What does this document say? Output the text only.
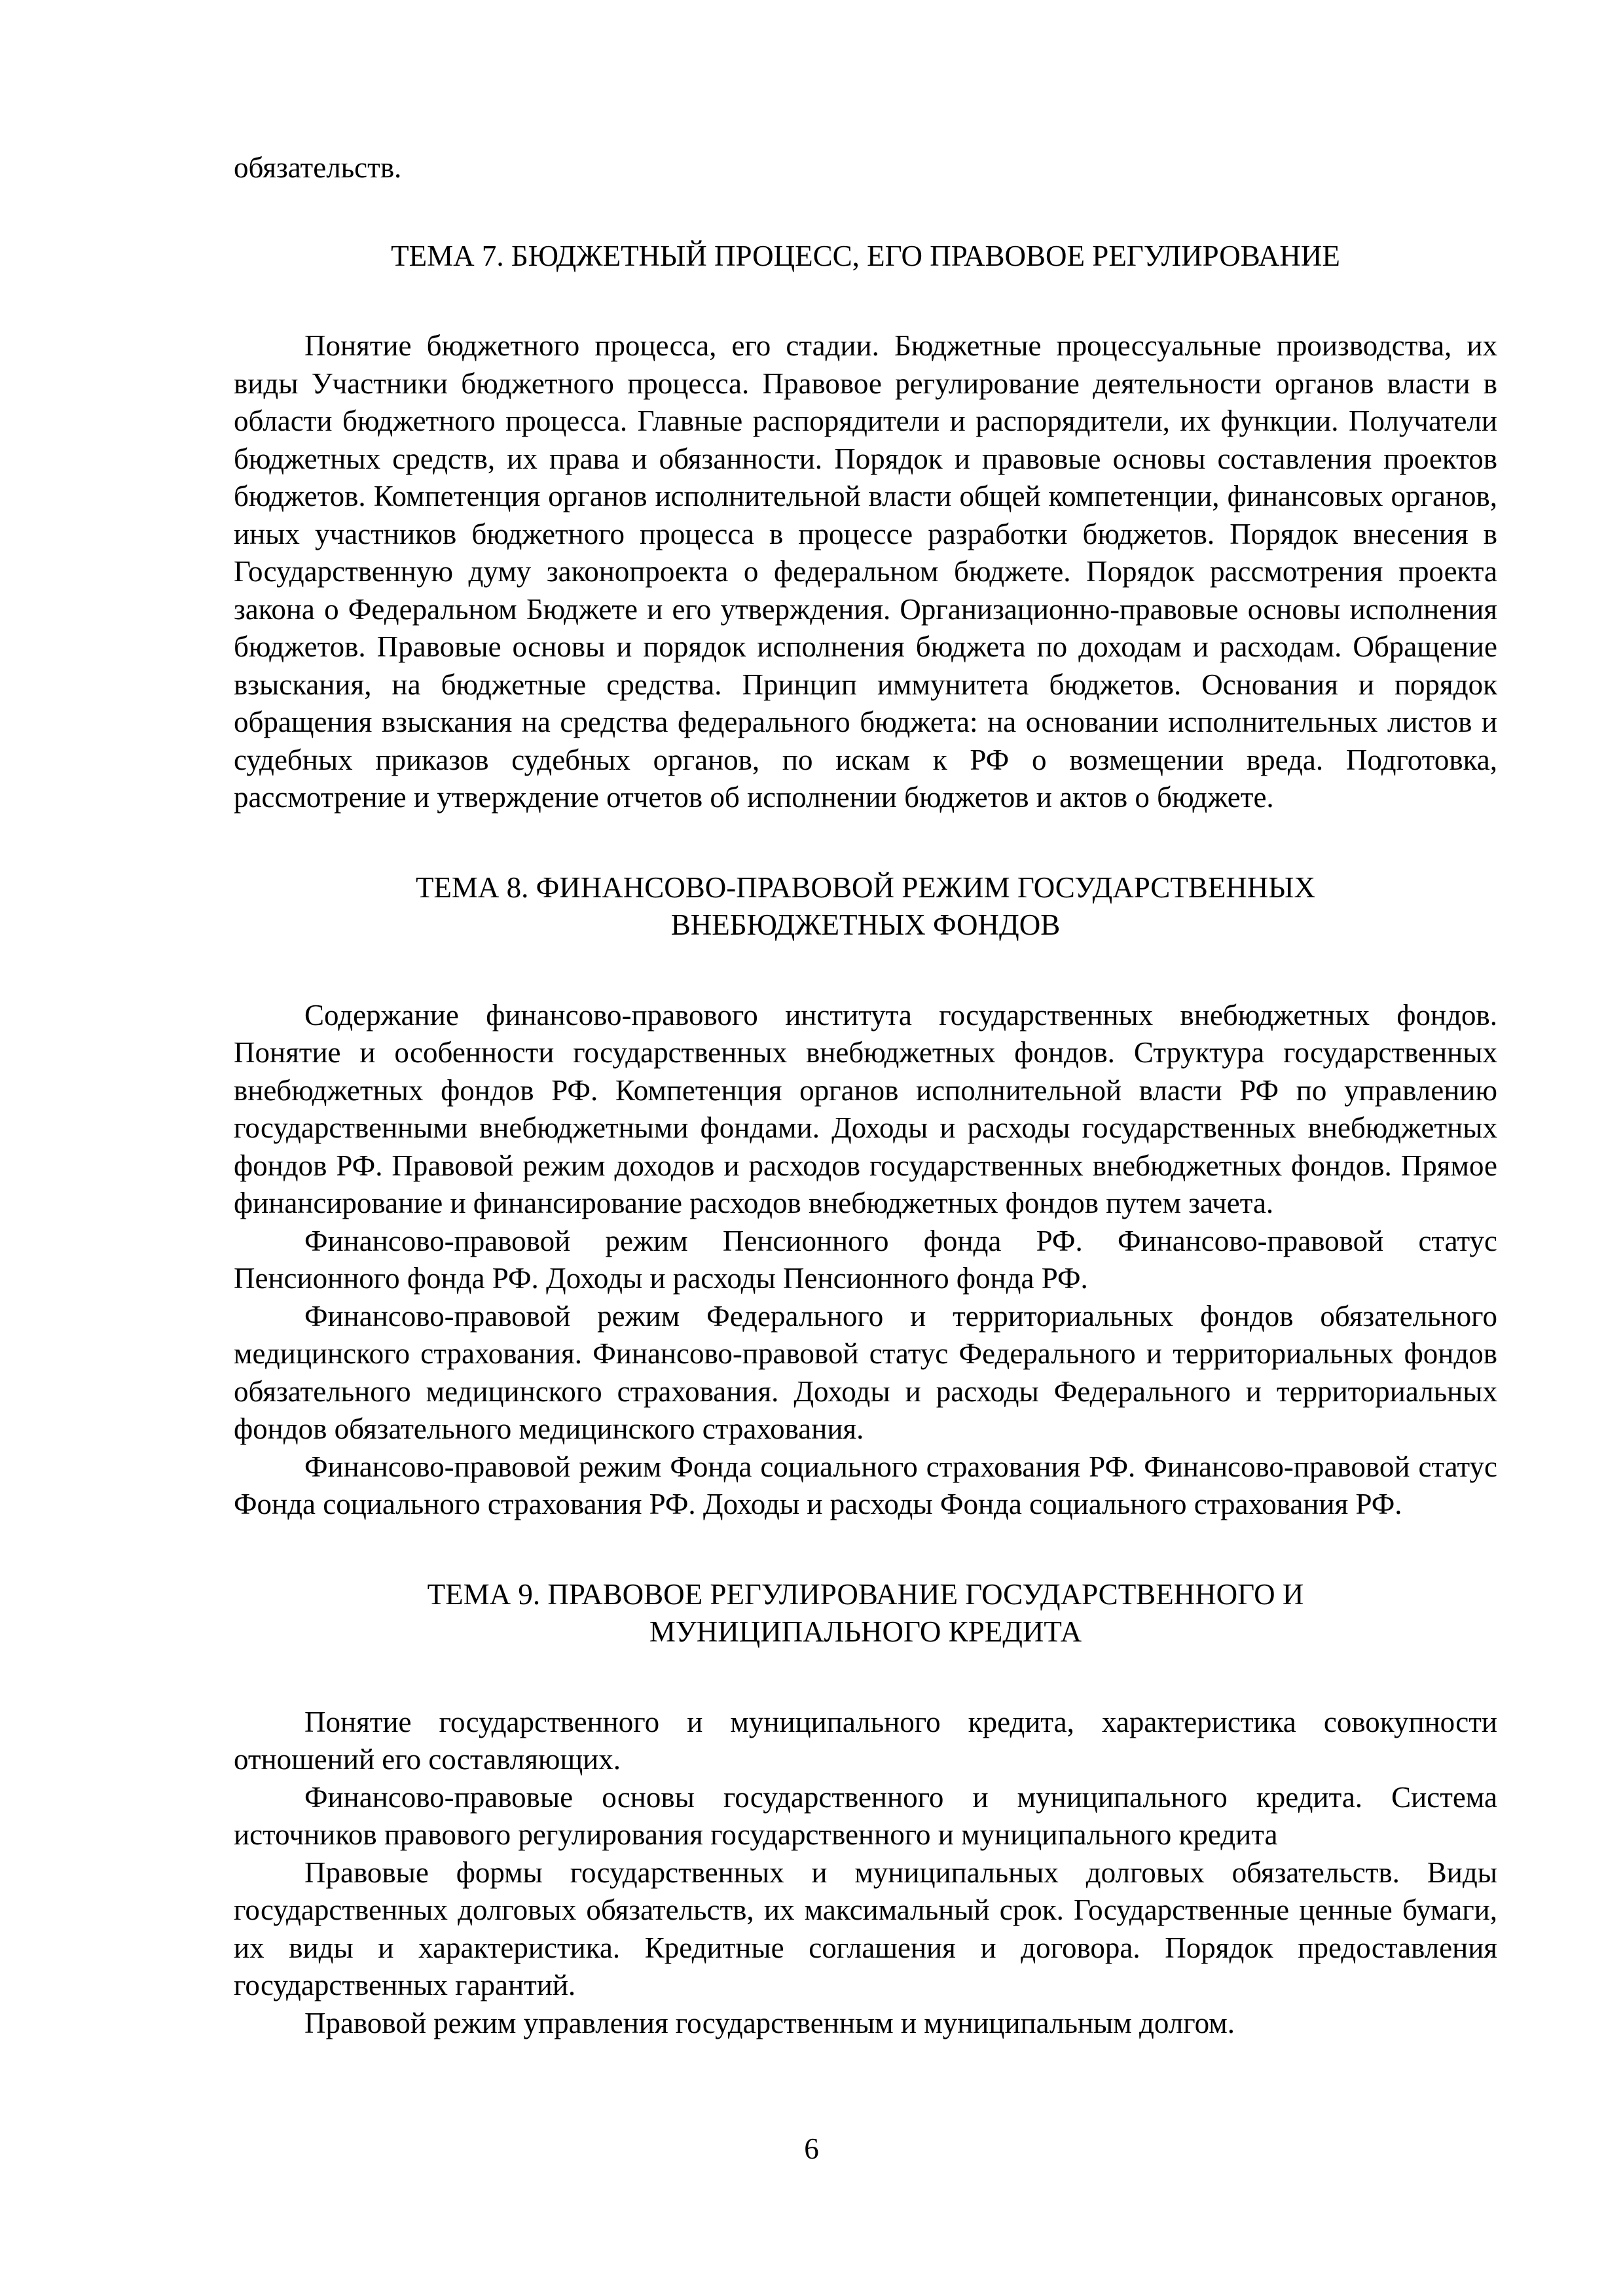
обязательств.

ТЕМА 7. БЮДЖЕТНЫЙ ПРОЦЕСС, ЕГО ПРАВОВОЕ РЕГУЛИРОВАНИЕ

Понятие бюджетного процесса, его стадии. Бюджетные процессуальные производства, их виды Участники бюджетного процесса. Правовое регулирование деятельности органов власти в области бюджетного процесса. Главные распорядители и распорядители, их функции. Получатели бюджетных средств, их права и обязанности. Порядок и правовые основы составления проектов бюджетов. Компетенция органов исполнительной власти общей компетенции, финансовых органов, иных участников бюджетного процесса в процессе разработки бюджетов. Порядок внесения в Государственную думу законопроекта о федеральном бюджете. Порядок рассмотрения проекта закона о Федеральном Бюджете и его утверждения. Организационно-правовые основы исполнения бюджетов. Правовые основы и порядок исполнения бюджета по доходам и расходам. Обращение взыскания, на бюджетные средства. Принцип иммунитета бюджетов. Основания и порядок обращения взыскания на средства федерального бюджета: на основании исполнительных листов и судебных приказов судебных органов, по искам к РФ о возмещении вреда. Подготовка, рассмотрение и утверждение отчетов об исполнении бюджетов и актов о бюджете.

ТЕМА 8. ФИНАНСОВО-ПРАВОВОЙ РЕЖИМ ГОСУДАРСТВЕННЫХ
ВНЕБЮДЖЕТНЫХ ФОНДОВ

Содержание финансово-правового института государственных внебюджетных фондов. Понятие и особенности государственных внебюджетных фондов. Структура государственных внебюджетных фондов РФ. Компетенция органов исполнительной власти РФ по управлению государственными внебюджетными фондами. Доходы и расходы государственных внебюджетных фондов РФ. Правовой режим доходов и расходов государственных внебюджетных фондов. Прямое финансирование и финансирование расходов внебюджетных фондов путем зачета.

Финансово-правовой режим Пенсионного фонда РФ. Финансово-правовой статус Пенсионного фонда РФ. Доходы и расходы Пенсионного фонда РФ.

Финансово-правовой режим Федерального и территориальных фондов обязательного медицинского страхования. Финансово-правовой статус Федерального и территориальных фондов обязательного медицинского страхования. Доходы и расходы Федерального и территориальных фондов обязательного медицинского страхования.

Финансово-правовой режим Фонда социального страхования РФ. Финансово-правовой статус Фонда социального страхования РФ. Доходы и расходы Фонда социального страхования РФ.

ТЕМА 9. ПРАВОВОЕ РЕГУЛИРОВАНИЕ ГОСУДАРСТВЕННОГО И
МУНИЦИПАЛЬНОГО КРЕДИТА

Понятие государственного и муниципального кредита, характеристика совокупности отношений его составляющих.

Финансово-правовые основы государственного и муниципального кредита. Система источников правового регулирования государственного и муниципального кредита

Правовые формы государственных и муниципальных долговых обязательств. Виды государственных долговых обязательств, их максимальный срок. Государственные ценные бумаги, их виды и характеристика. Кредитные соглашения и договора. Порядок предоставления государственных гарантий.

Правовой режим управления государственным и муниципальным долгом.

6
